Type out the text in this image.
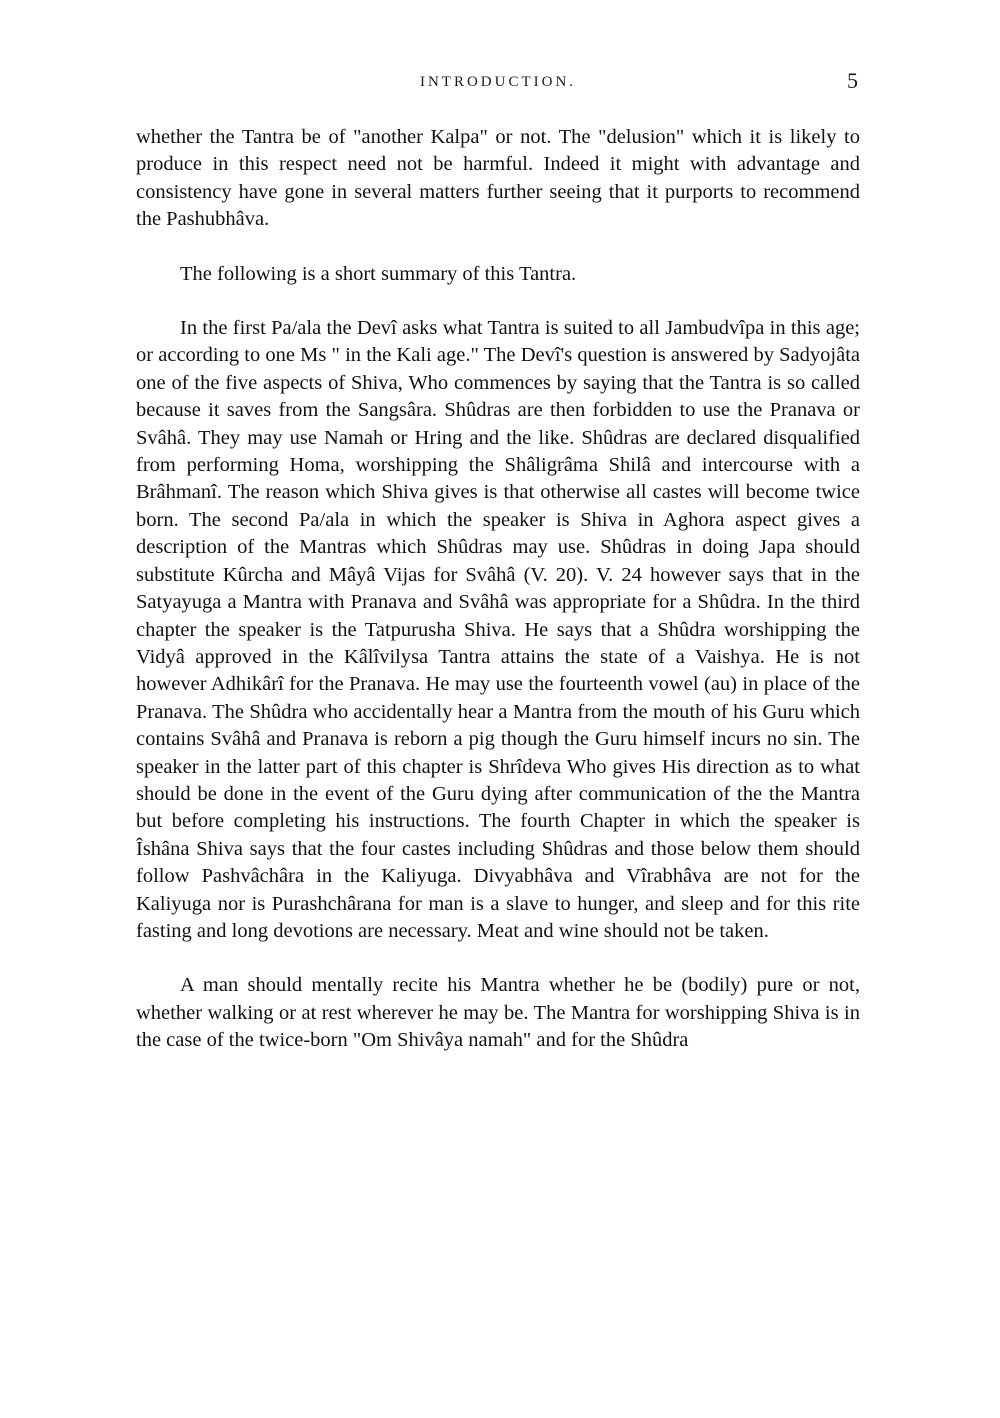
INTRODUCTION.	5

whether the Tantra be of "another Kalpa" or not. The "delusion" which it is likely to produce in this respect need not be harmful. Indeed it might with advantage and consistency have gone in several matters further seeing that it purports to recommend the Pashubhâva.

The following is a short summary of this Tantra.

In the first Pa/ala the Devî asks what Tantra is suited to all Jambudvîpa in this age; or according to one Ms " in the Kali age." The Devî's question is answered by Sadyojâta one of the five aspects of Shiva, Who commences by saying that the Tantra is so called because it saves from the Sangsâra. Shûdras are then forbidden to use the Pranava or Svâhâ. They may use Namah or Hring and the like. Shûdras are declared disqualified from performing Homa, worshipping the Shâligrâma Shilâ and intercourse with a Brâhmanî. The reason which Shiva gives is that otherwise all castes will become twice born. The second Pa/ala in which the speaker is Shiva in Aghora aspect gives a description of the Mantras which Shûdras may use. Shûdras in doing Japa should substitute Kûrcha and Mâyâ Vijas for Svâhâ (V. 20). V. 24 however says that in the Satyayuga a Mantra with Pranava and Svâhâ was appropriate for a Shûdra. In the third chapter the speaker is the Tatpurusha Shiva. He says that a Shûdra worshipping the Vidyâ approved in the Kâlîvilysa Tantra attains the state of a Vaishya. He is not however Adhikârî for the Pranava. He may use the fourteenth vowel (au) in place of the Pranava. The Shûdra who accidentally hear a Mantra from the mouth of his Guru which contains Svâhâ and Pranava is reborn a pig though the Guru himself incurs no sin. The speaker in the latter part of this chapter is Shrîdeva Who gives His direction as to what should be done in the event of the Guru dying after communication of the the Mantra but before completing his instructions. The fourth Chapter in which the speaker is Îshâna Shiva says that the four castes including Shûdras and those below them should follow Pashvâchâra in the Kaliyuga. Divyabhâva and Vîrabhâva are not for the Kaliyuga nor is Purashchârana for man is a slave to hunger, and sleep and for this rite fasting and long devotions are necessary. Meat and wine should not be taken.

A man should mentally recite his Mantra whether he be (bodily) pure or not, whether walking or at rest wherever he may be. The Mantra for worshipping Shiva is in the case of the twice-born "Om Shivâya namah" and for the Shûdra
